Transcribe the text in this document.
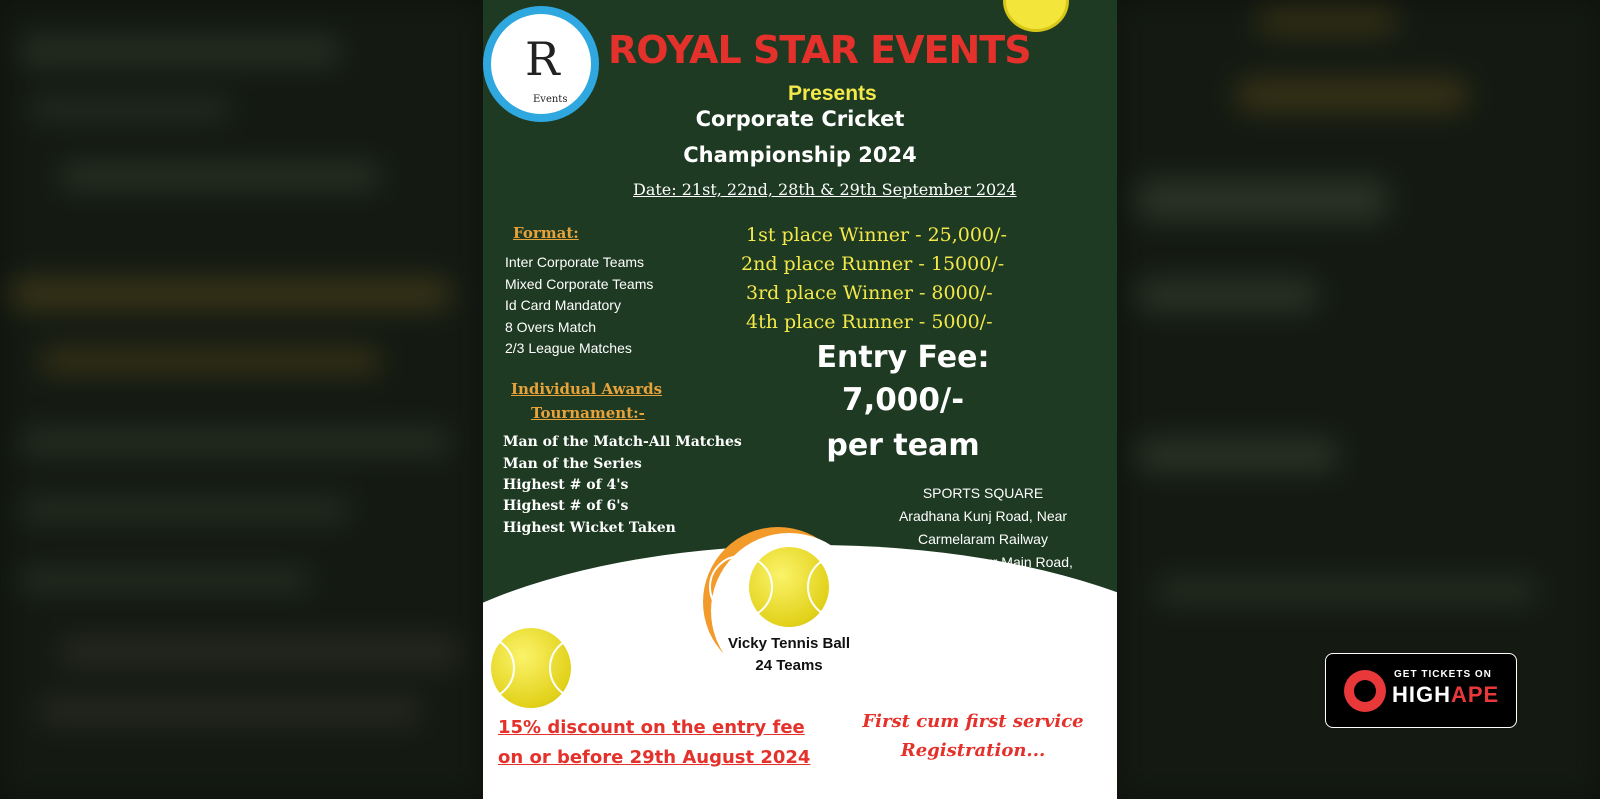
R
Events
ROYAL STAR EVENTS
Presents
Corporate Cricket
Championship 2024
Date: 21st, 22nd, 28th & 29th September 2024
Format:
Inter Corporate Teams
Mixed Corporate Teams
Id Card Mandatory
8 Overs Match
2/3 League Matches
Individual Awards
Tournament:-
Man of the Match-All Matches
Man of the Series
Highest # of 4's
Highest # of 6's
Highest Wicket Taken
1st place Winner - 25,000/-
2nd place Runner - 15000/-
3rd place Winner - 8000/-
4th place Runner - 5000/-
Entry Fee:
7,000/-
per team
SPORTS SQUARE
Aradhana Kunj Road, Near
Carmelaram Railway
Station, Sarjapur Main Road,
Bengaluru, Karnataka
560035
Vicky Tennis Ball
24 Teams
15% discount on the entry fee
on or before 29th August 2024
First cum first service
Registration...
GET TICKETS ON
HIGHAPE
